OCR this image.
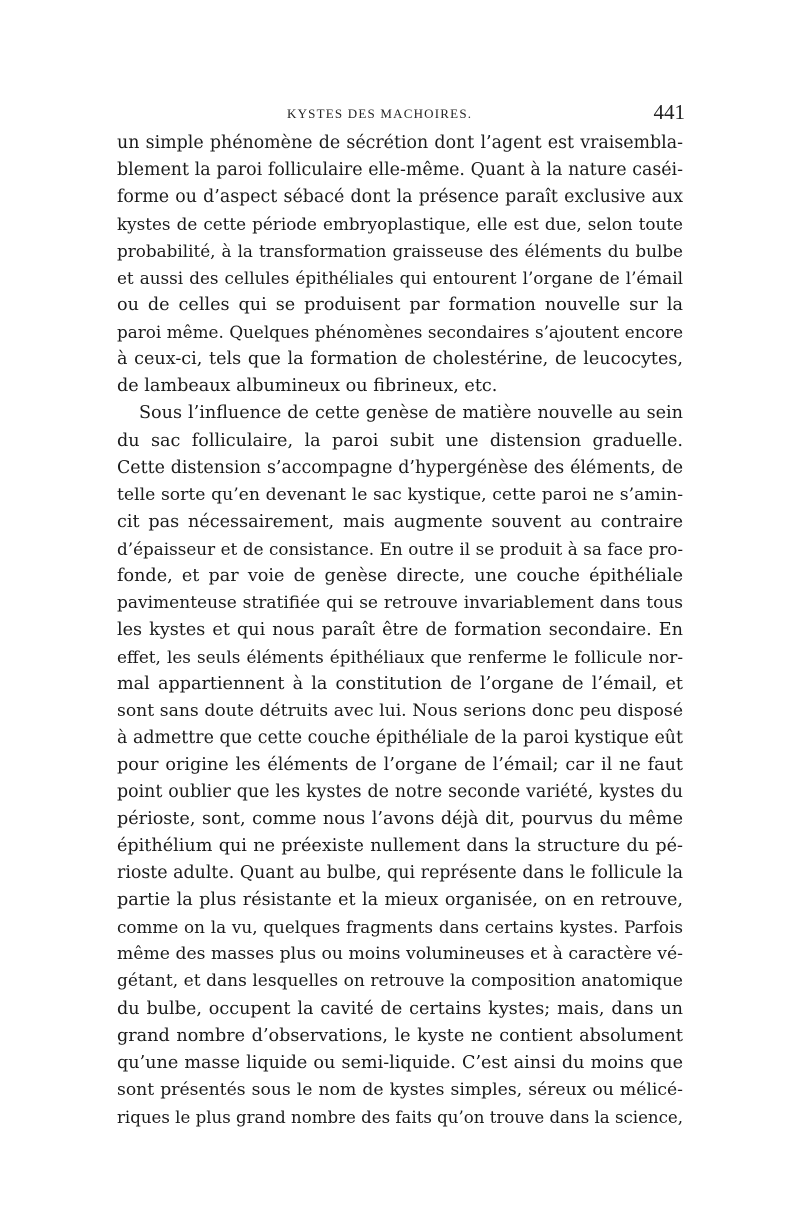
KYSTES DES MACHOIRES.	441
un simple phénomène de sécrétion dont l’agent est vraisembla-
blement la paroi folliculaire elle-même. Quant à la nature caséi-
forme ou d’aspect sébacé dont la présence paraît exclusive aux
kystes de cette période embryoplastique, elle est due, selon toute
probabilité, à la transformation graisseuse des éléments du bulbe
et aussi des cellules épithéliales qui entourent l’organe de l’émail
ou de celles qui se produisent par formation nouvelle sur la
paroi même. Quelques phénomènes secondaires s’ajoutent encore
à ceux-ci, tels que la formation de cholestérine, de leucocytes,
de lambeaux albumineux ou fibrineux, etc.
Sous l’influence de cette genèse de matière nouvelle au sein
du sac folliculaire, la paroi subit une distension graduelle.
Cette distension s’accompagne d’hypergénèse des éléments, de
telle sorte qu’en devenant le sac kystique, cette paroi ne s’amin-
cit pas nécessairement, mais augmente souvent au contraire
d’épaisseur et de consistance. En outre il se produit à sa face pro-
fonde, et par voie de genèse directe, une couche épithéliale
pavimenteuse stratifiée qui se retrouve invariablement dans tous
les kystes et qui nous paraît être de formation secondaire. En
effet, les seuls éléments épithéliaux que renferme le follicule nor-
mal appartiennent à la constitution de l’organe de l’émail, et
sont sans doute détruits avec lui. Nous serions donc peu disposé
à admettre que cette couche épithéliale de la paroi kystique eût
pour origine les éléments de l’organe de l’émail; car il ne faut
point oublier que les kystes de notre seconde variété, kystes du
périoste, sont, comme nous l’avons déjà dit, pourvus du même
épithélium qui ne préexiste nullement dans la structure du pé-
rioste adulte. Quant au bulbe, qui représente dans le follicule la
partie la plus résistante et la mieux organisée, on en retrouve,
comme on la vu, quelques fragments dans certains kystes. Parfois
même des masses plus ou moins volumineuses et à caractère vé-
gétant, et dans lesquelles on retrouve la composition anatomique
du bulbe, occupent la cavité de certains kystes; mais, dans un
grand nombre d’observations, le kyste ne contient absolument
qu’une masse liquide ou semi-liquide. C’est ainsi du moins que
sont présentés sous le nom de kystes simples, séreux ou mélicé-
riques le plus grand nombre des faits qu’on trouve dans la science,
